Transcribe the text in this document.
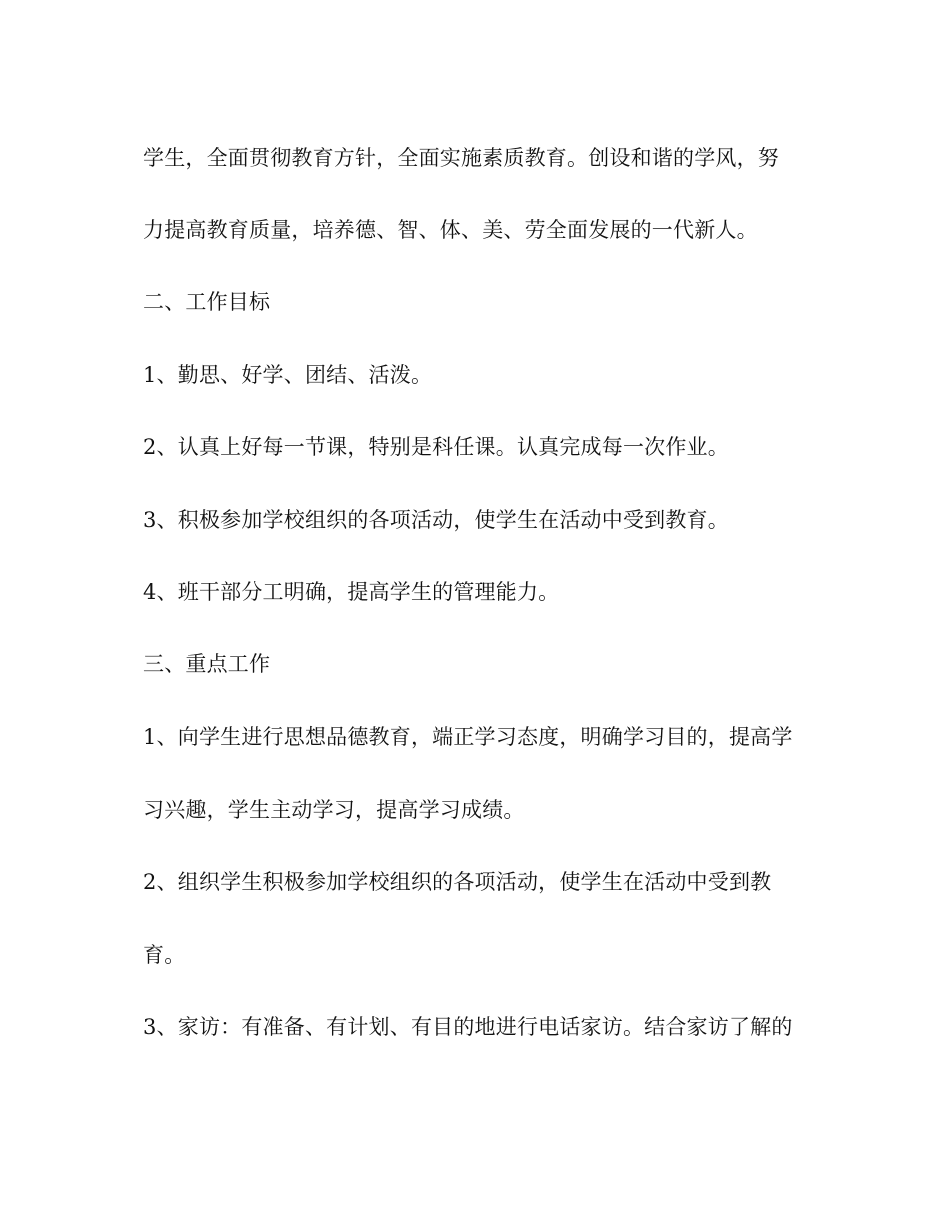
学生，全面贯彻教育方针，全面实施素质教育。创设和谐的学风，努
力提高教育质量，培养德、智、体、美、劳全面发展的一代新人。
二、工作目标
1、勤思、好学、团结、活泼。
2、认真上好每一节课，特别是科任课。认真完成每一次作业。
3、积极参加学校组织的各项活动，使学生在活动中受到教育。
4、班干部分工明确，提高学生的管理能力。
三、重点工作
1、向学生进行思想品德教育，端正学习态度，明确学习目的，提高学
习兴趣，学生主动学习，提高学习成绩。
2、组织学生积极参加学校组织的各项活动，使学生在活动中受到教
育。
3、家访：有准备、有计划、有目的地进行电话家访。结合家访了解的
